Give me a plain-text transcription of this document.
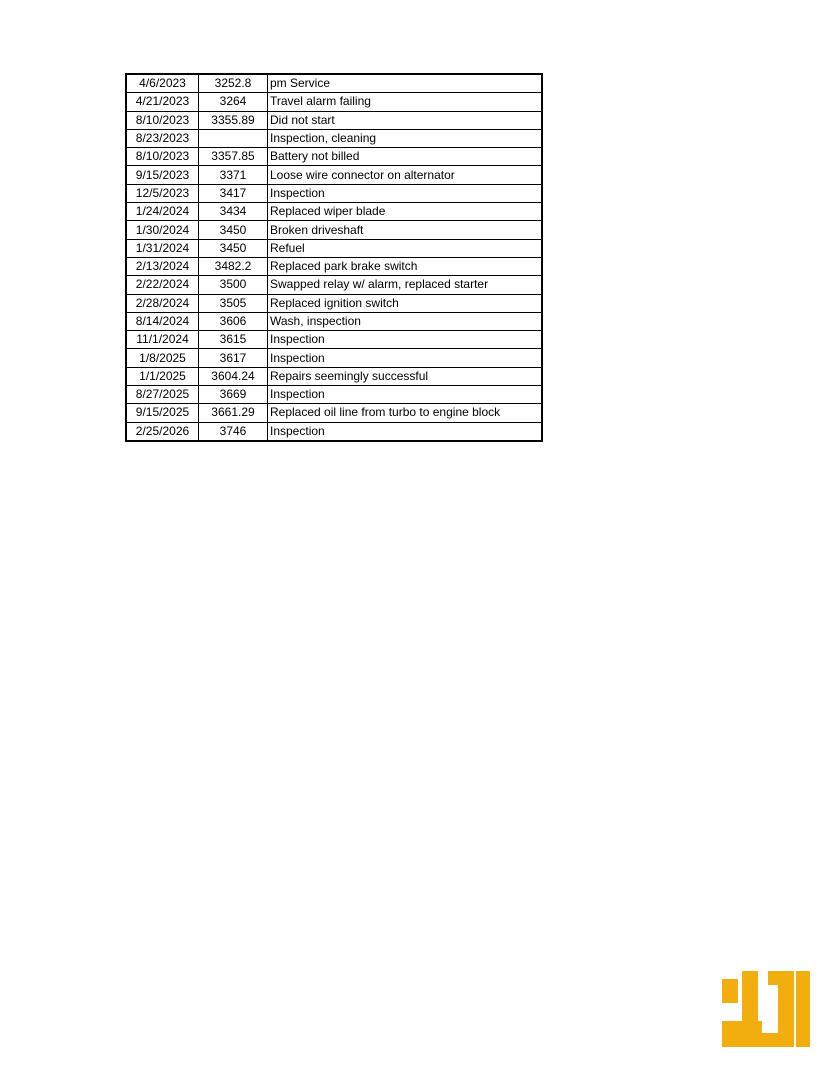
4/6/2023	3252.8	pm Service
4/21/2023	3264	Travel alarm failing
8/10/2023	3355.89	Did not start
8/23/2023		Inspection, cleaning
8/10/2023	3357.85	Battery not billed
9/15/2023	3371	Loose wire connector on alternator
12/5/2023	3417	Inspection
1/24/2024	3434	Replaced wiper blade
1/30/2024	3450	Broken driveshaft
1/31/2024	3450	Refuel
2/13/2024	3482.2	Replaced park brake switch
2/22/2024	3500	Swapped relay w/ alarm, replaced starter
2/28/2024	3505	Replaced ignition switch
8/14/2024	3606	Wash, inspection
11/1/2024	3615	Inspection
1/8/2025	3617	Inspection
1/1/2025	3604.24	Repairs seemingly successful
8/27/2025	3669	Inspection
9/15/2025	3661.29	Replaced oil line from turbo to engine block
2/25/2026	3746	Inspection
